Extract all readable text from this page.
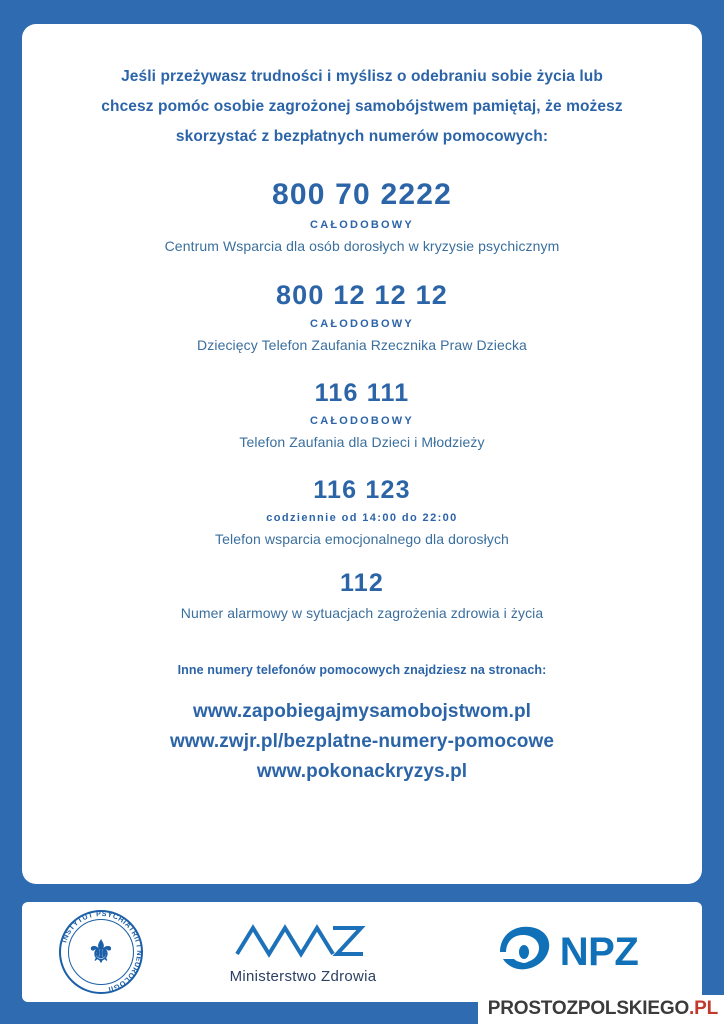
Jeśli przeżywasz trudności i myślisz o odebraniu sobie życia lub
chcesz pomóc osobie zagrożonej samobójstwem pamiętaj, że możesz
skorzystać z bezpłatnych numerów pomocowych:
800 70 2222
CAŁODOBOWY
Centrum Wsparcia dla osób dorosłych w kryzysie psychicznym
800 12 12 12
CAŁODOBOWY
Dziecięcy Telefon Zaufania Rzecznika Praw Dziecka
116 111
CAŁODOBOWY
Telefon Zaufania dla Dzieci i Młodzieży
116 123
codziennie od 14:00 do 22:00
Telefon wsparcia emocjonalnego dla dorosłych
112
Numer alarmowy w sytuacjach zagrożenia zdrowia i życia
Inne numery telefonów pomocowych znajdziesz na stronach:
www.zapobiegajmysamobojstwom.pl
www.zwjr.pl/bezplatne-numery-pomocowe
www.pokonackryzys.pl
INSTYTUT PSYCHIATRII I NEUROLOGII
⚜
Ministerstwo Zdrowia
NPZ
PROSTOZPOLSKIEGO.PL
